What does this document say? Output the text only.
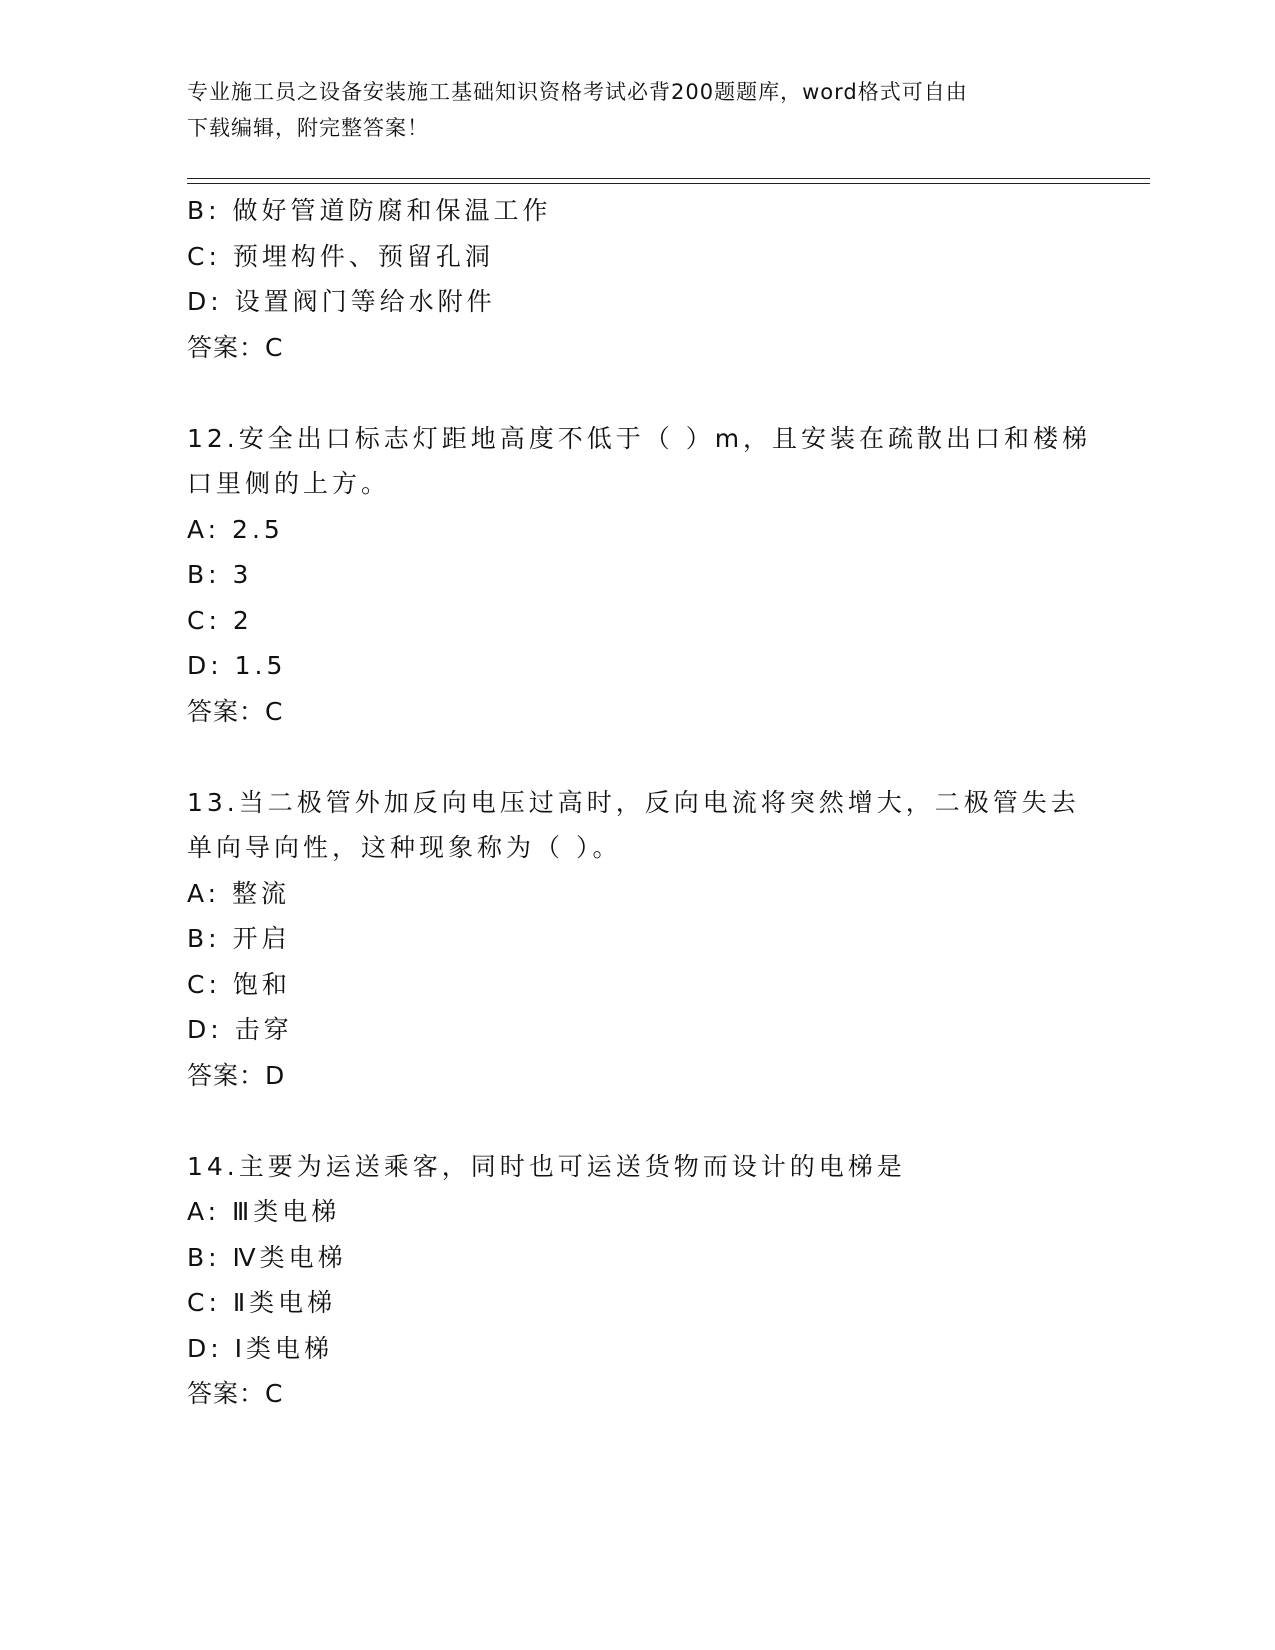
专业施工员之设备安装施工基础知识资格考试必背200题题库，word格式可自由
下载编辑，附完整答案！
B: 做好管道防腐和保温工作
C: 预埋构件、预留孔洞
D: 设置阀门等给水附件
答案：C
12.安全出口标志灯距地高度不低于（ ）m，且安装在疏散出口和楼梯
口里侧的上方。
A: 2.5
B: 3
C: 2
D: 1.5
答案：C
13.当二极管外加反向电压过高时，反向电流将突然增大，二极管失去
单向导向性，这种现象称为（ ）。
A: 整流
B: 开启
C: 饱和
D: 击穿
答案：D
14.主要为运送乘客，同时也可运送货物而设计的电梯是
A: Ⅲ类电梯
B: Ⅳ类电梯
C: Ⅱ类电梯
D: Ⅰ类电梯
答案：C
